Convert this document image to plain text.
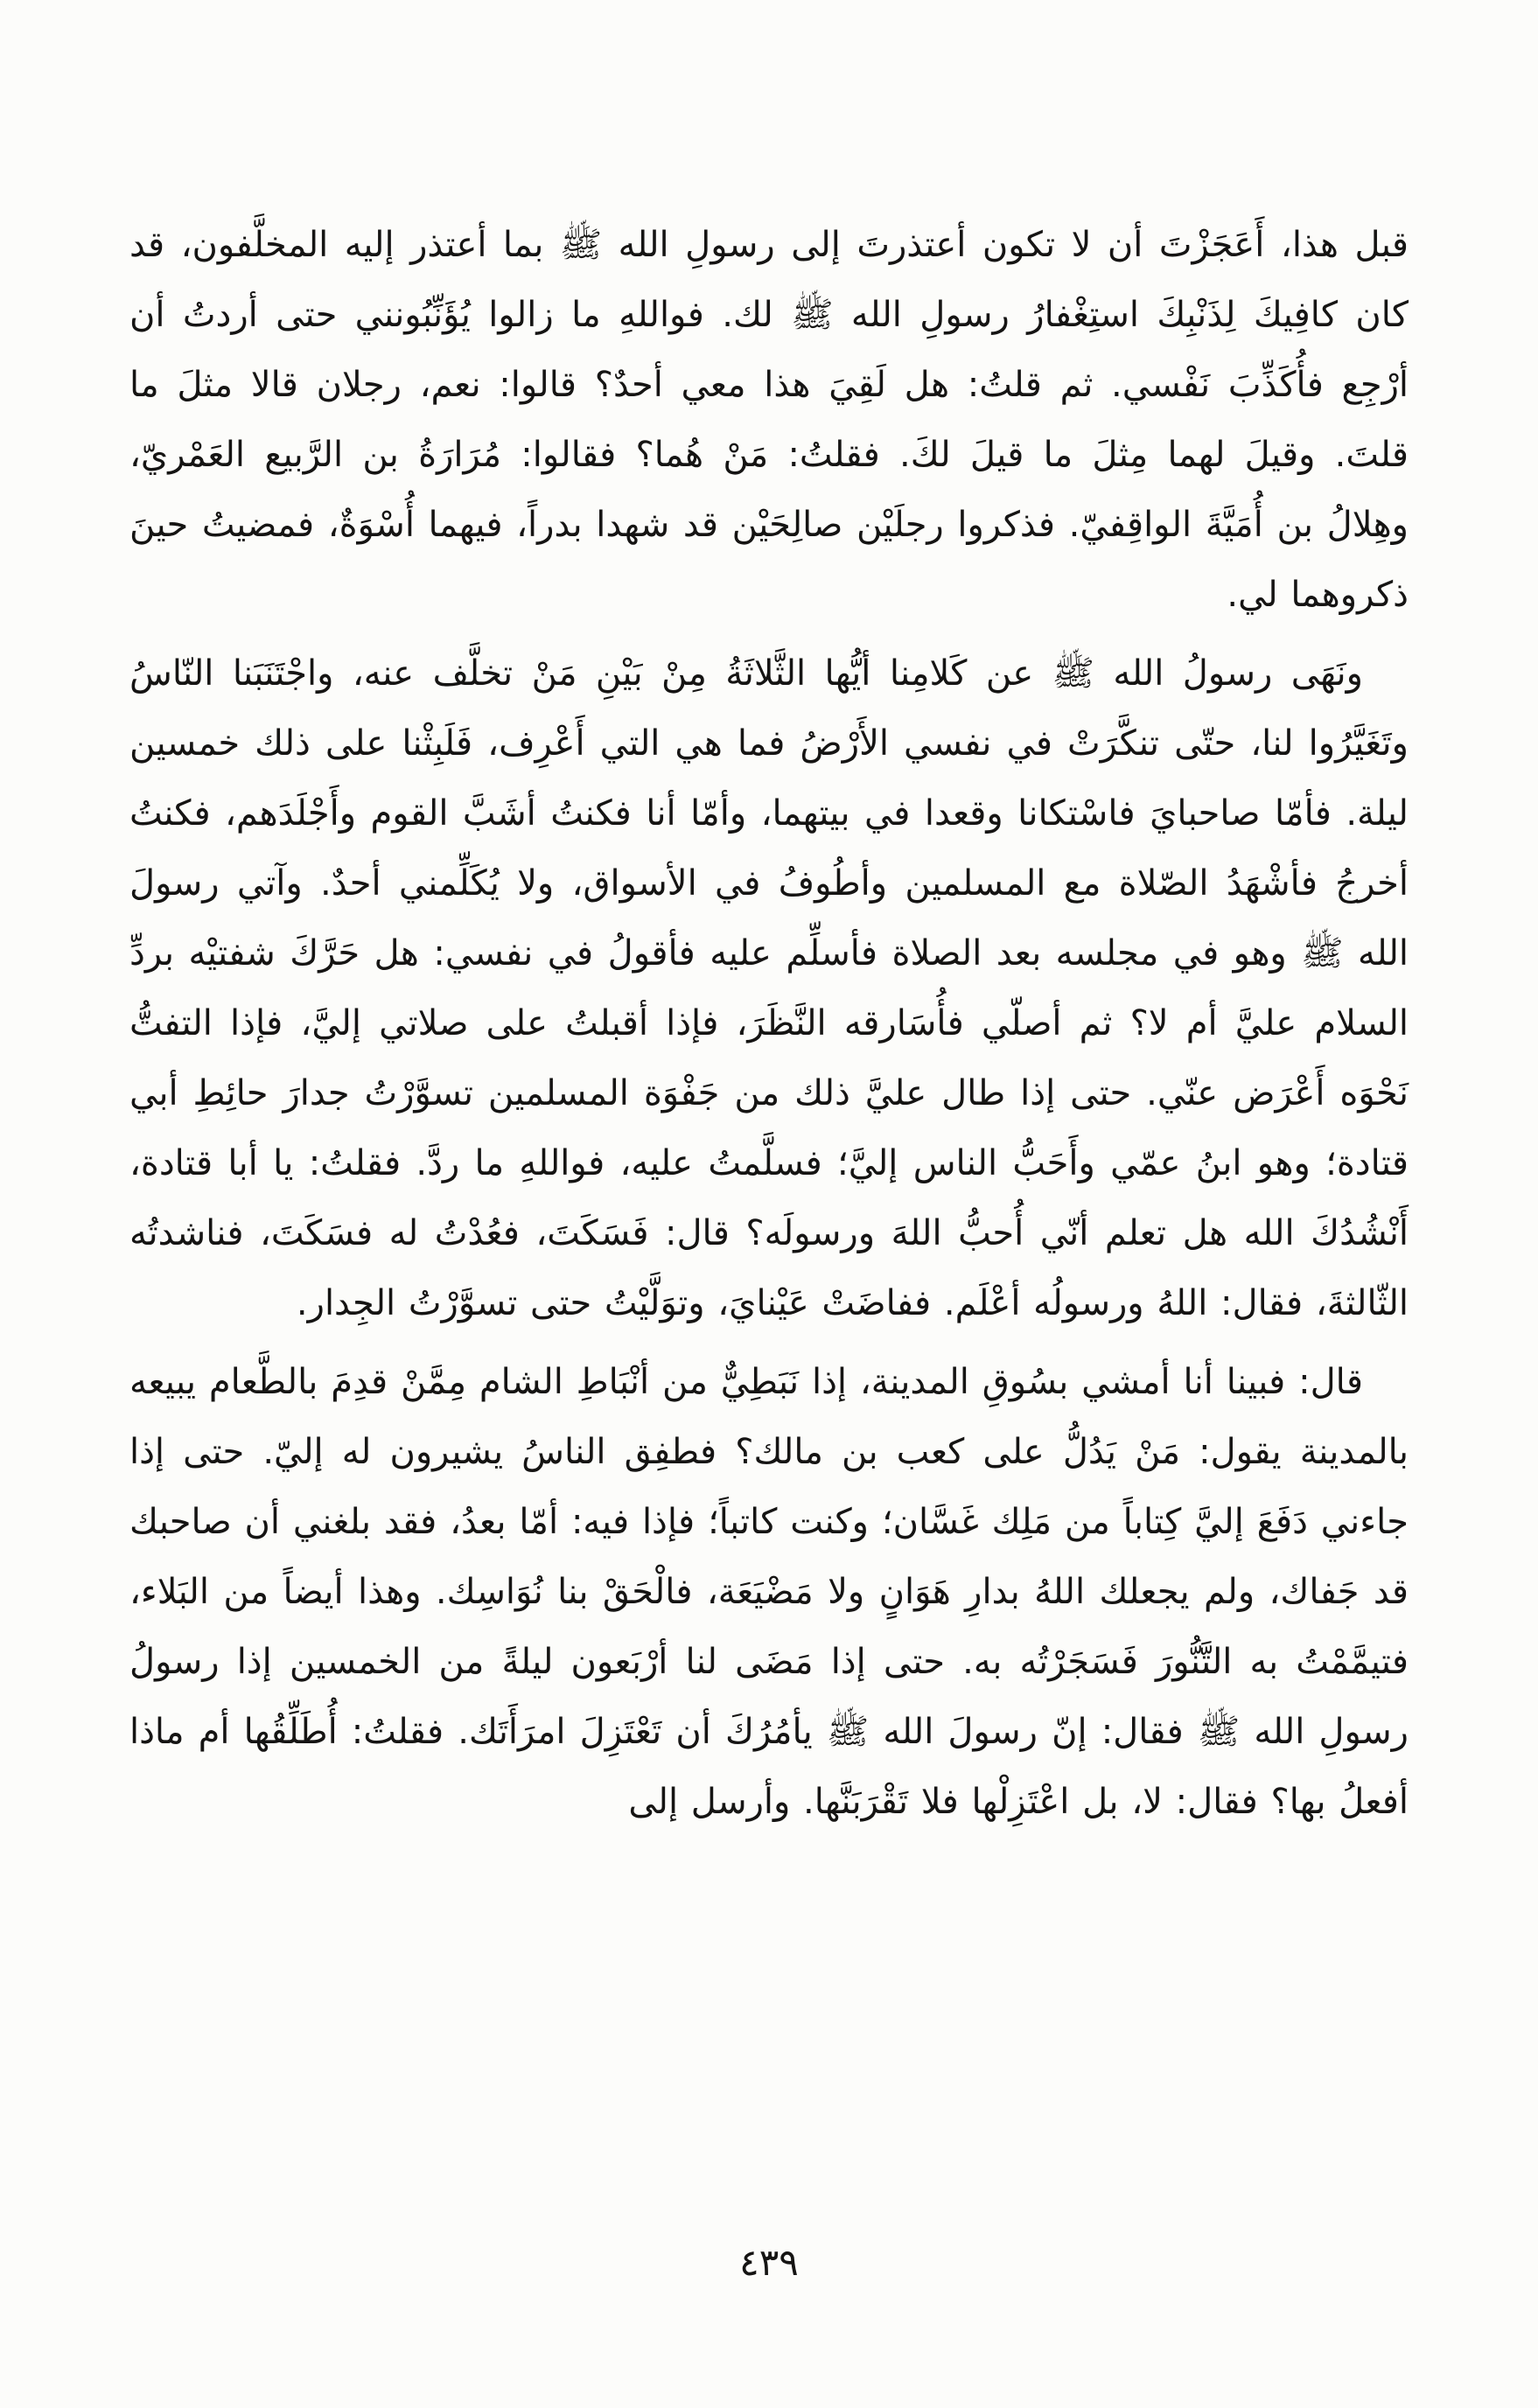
قبل هذا، أَعَجَزْتَ أن لا تكون أعتذرتَ إلى رسولِ الله ﷺ بما أعتذر إليه المخلَّفون، قد كان كافِيكَ لِذَنْبِكَ استِغْفارُ رسولِ الله ﷺ لك. فواللهِ ما زالوا يُؤَنِّبُونني حتى أردتُ أن أرْجِع فأُكَذِّبَ نَفْسي. ثم قلتُ: هل لَقِيَ هذا معي أحدٌ؟ قالوا: نعم، رجلان قالا مثلَ ما قلتَ. وقيلَ لهما مِثلَ ما قيلَ لكَ. فقلتُ: مَنْ هُما؟ فقالوا: مُرَارَةُ بن الرَّبيع العَمْريّ، وهِلالُ بن أُمَيَّةَ الواقِفيّ. فذكروا رجلَيْن صالِحَيْن قد شهدا بدراً، فيهما أُسْوَةٌ، فمضيتُ حينَ ذكروهما لي.

ونَهَى رسولُ الله ﷺ عن كَلامِنا أيُّها الثَّلاثَةُ مِنْ بَيْنِ مَنْ تخلَّف عنه، واجْتَنَبَنا النّاسُ وتَغَيَّرُوا لنا، حتّى تنكَّرَتْ في نفسي الأَرْضُ فما هي التي أَعْرِف، فَلَبِثْنا على ذلك خمسين ليلة. فأمّا صاحبايَ فاسْتكانا وقعدا في بيتهما، وأمّا أنا فكنتُ أشَبَّ القوم وأَجْلَدَهم، فكنتُ أخرجُ فأشْهَدُ الصّلاة مع المسلمين وأطُوفُ في الأسواق، ولا يُكَلِّمني أحدٌ. وآتي رسولَ الله ﷺ وهو في مجلسه بعد الصلاة فأسلِّم عليه فأقولُ في نفسي: هل حَرَّكَ شفتيْه بردِّ السلام عليَّ أم لا؟ ثم أصلّي فأُسَارقه النَّظَرَ، فإذا أقبلتُ على صلاتي إليَّ، فإذا التفتُّ نَحْوَه أَعْرَض عنّي. حتى إذا طال عليَّ ذلك من جَفْوَة المسلمين تسوَّرْتُ جدارَ حائِطِ أبي قتادة؛ وهو ابنُ عمّي وأَحَبُّ الناس إليَّ؛ فسلَّمتُ عليه، فواللهِ ما ردَّ. فقلتُ: يا أبا قتادة، أَنْشُدُكَ الله هل تعلم أنّي أُحبُّ اللهَ ورسولَه؟ قال: فَسَكَتَ، فعُدْتُ له فسَكَتَ، فناشدتُه الثّالثةَ، فقال: اللهُ ورسولُه أعْلَم. ففاضَتْ عَيْنايَ، وتوَلَّيْتُ حتى تسوَّرْتُ الجِدار.

قال: فبينا أنا أمشي بسُوقِ المدينة، إذا نَبَطِيٌّ من أنْبَاطِ الشام مِمَّنْ قدِمَ بالطَّعام يبيعه بالمدينة يقول: مَنْ يَدُلُّ على كعب بن مالك؟ فطفِق الناسُ يشيرون له إليّ. حتى إذا جاءني دَفَعَ إليَّ كِتاباً من مَلِك غَسَّان؛ وكنت كاتباً؛ فإذا فيه: أمّا بعدُ، فقد بلغني أن صاحبك قد جَفاك، ولم يجعلك اللهُ بدارِ هَوَانٍ ولا مَضْيَعَة، فالْحَقْ بنا نُوَاسِك. وهذا أيضاً من البَلاء، فتيمَّمْتُ به التَّنُّورَ فَسَجَرْتُه به. حتى إذا مَضَى لنا أرْبَعون ليلةً من الخمسين إذا رسولُ رسولِ الله ﷺ فقال: إنّ رسولَ الله ﷺ يأمُرُكَ أن تَعْتَزِلَ امرَأَتَك. فقلتُ: أُطَلِّقُها أم ماذا أفعلُ بها؟ فقال: لا، بل اعْتَزِلْها فلا تَقْرَبَنَّها. وأرسل إلى

٤٣٩
